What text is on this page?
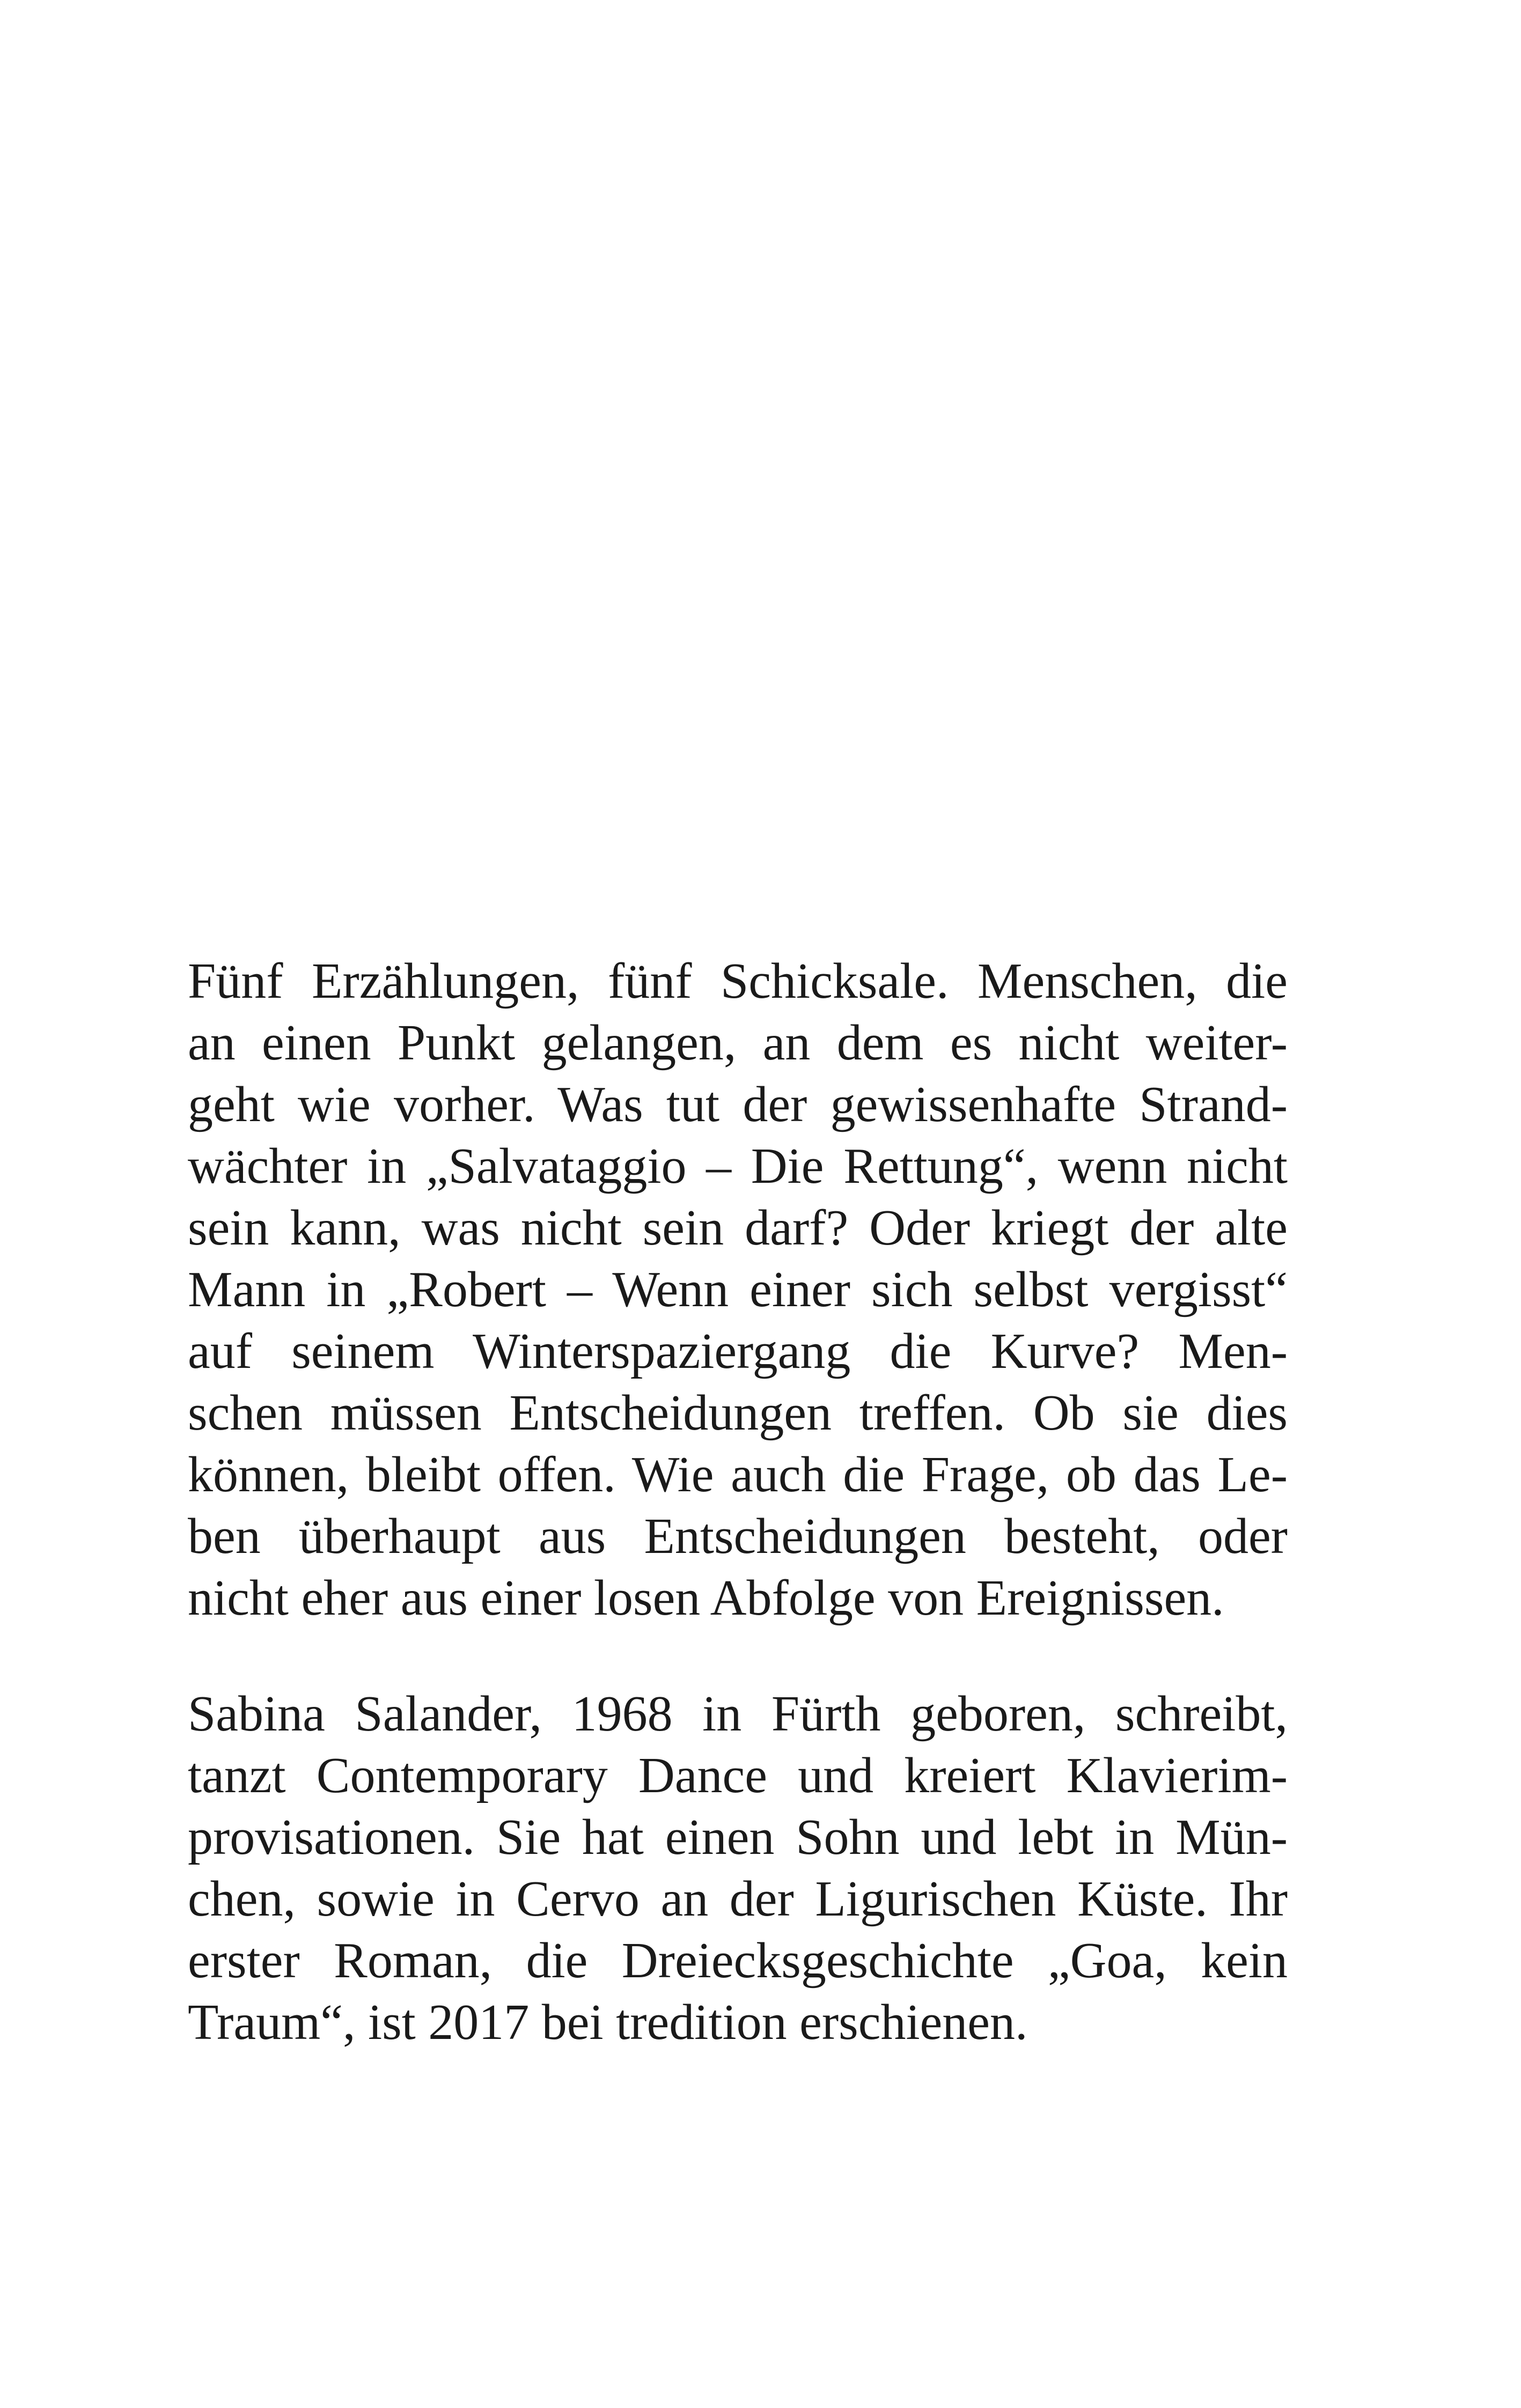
Fünf Erzählungen, fünf Schicksale. Menschen, die
an einen Punkt gelangen, an dem es nicht weiter-
geht wie vorher. Was tut der gewissenhafte Strand-
wächter in „Salvataggio – Die Rettung“, wenn nicht
sein kann, was nicht sein darf? Oder kriegt der alte
Mann in „Robert – Wenn einer sich selbst vergisst“
auf seinem Winterspaziergang die Kurve? Men-
schen müssen Entscheidungen treffen. Ob sie dies
können, bleibt offen. Wie auch die Frage, ob das Le-
ben überhaupt aus Entscheidungen besteht, oder
nicht eher aus einer losen Abfolge von Ereignissen.
Sabina Salander, 1968 in Fürth geboren, schreibt,
tanzt Contemporary Dance und kreiert Klavierim-
provisationen. Sie hat einen Sohn und lebt in Mün-
chen, sowie in Cervo an der Ligurischen Küste. Ihr
erster Roman, die Dreiecksgeschichte „Goa, kein
Traum“, ist 2017 bei tredition erschienen.
